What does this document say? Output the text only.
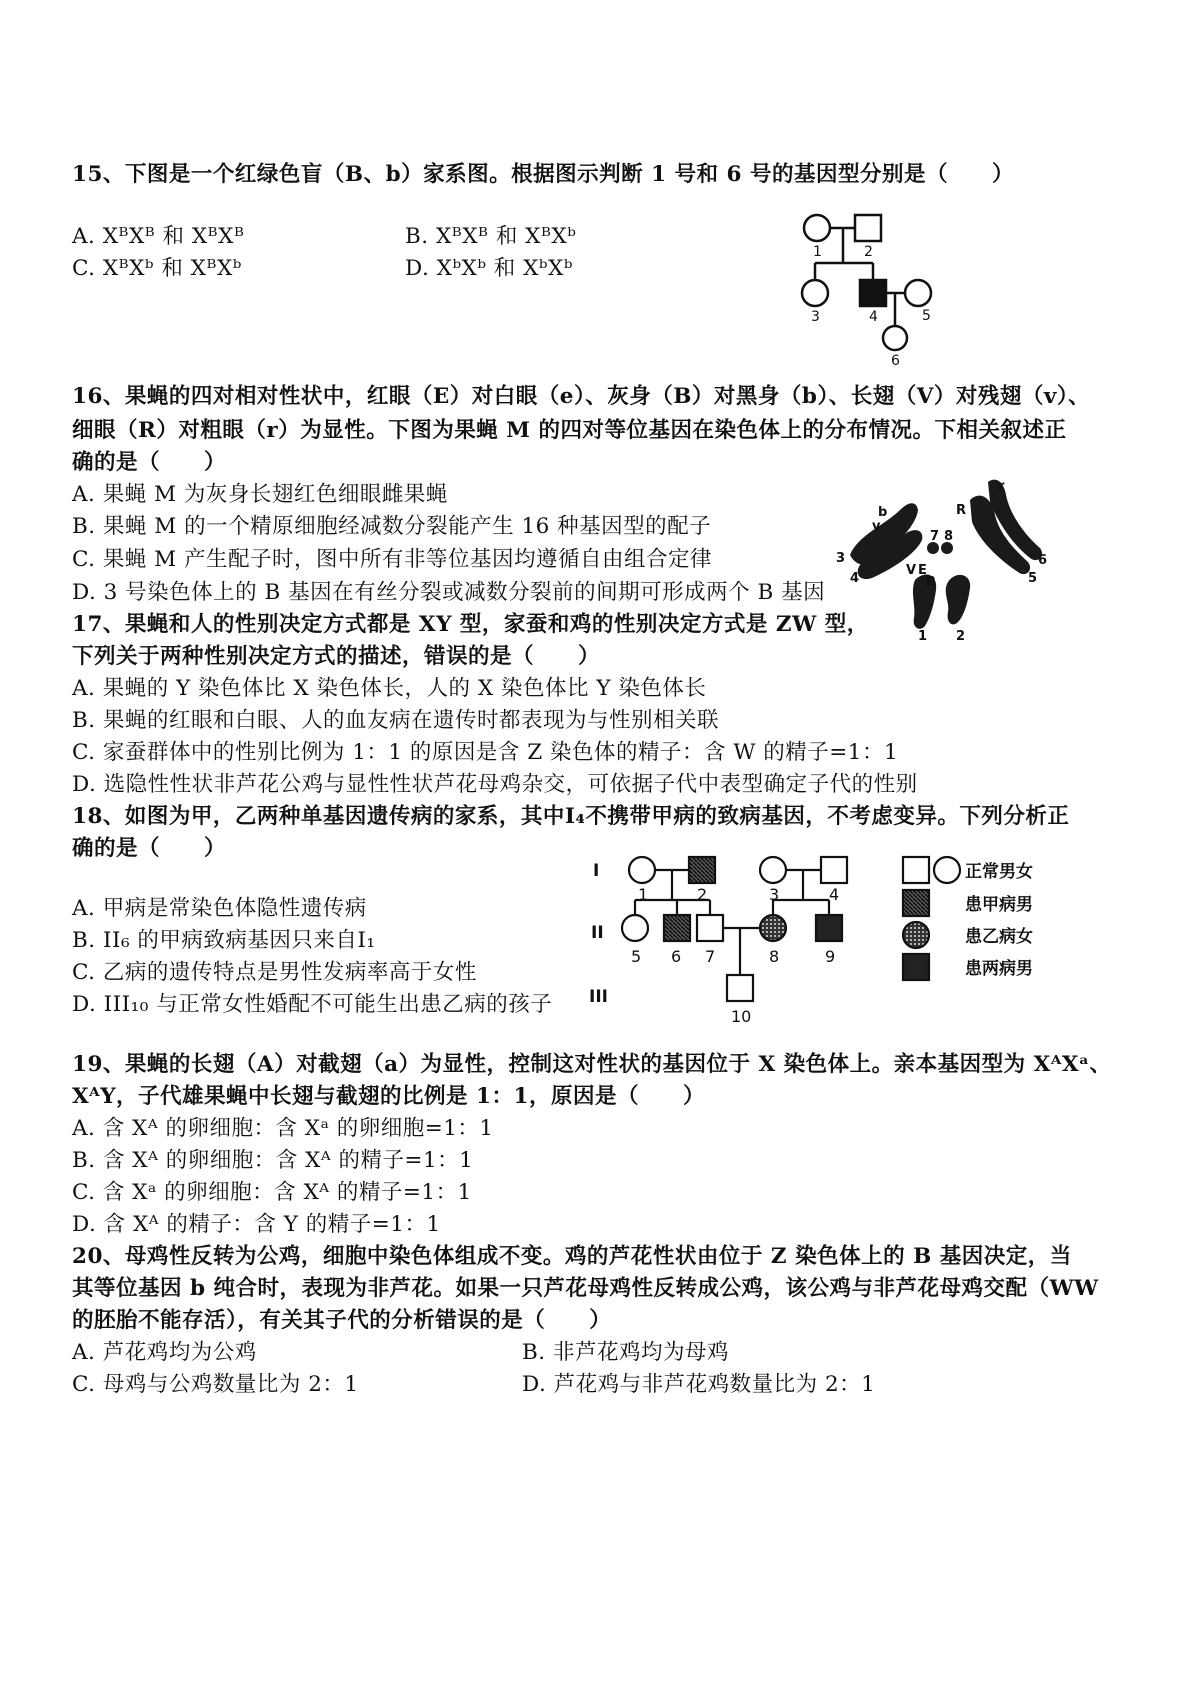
15、下图是一个红绿色盲（B、b）家系图。根据图示判断 1 号和 6 号的基因型分别是（　　）
A. XᴮXᴮ 和 XᴮXᴮ	B. XᴮXᴮ 和 XᴮXᵇ
C. XᴮXᵇ 和 XᴮXᵇ	D. XᵇXᵇ 和 XᵇXᵇ
1	2
3	4	5
6
16、果蝇的四对相对性状中，红眼（E）对白眼（e）、灰身（B）对黑身（b）、长翅（V）对残翅（v）、
细眼（R）对粗眼（r）为显性。下图为果蝇 M 的四对等位基因在染色体上的分布情况。下相关叙述正
确的是（　　）
A. 果蝇 M 为灰身长翅红色细眼雌果蝇
B. 果蝇 M 的一个精原细胞经减数分裂能产生 16 种基因型的配子
C. 果蝇 M 产生配子时，图中所有非等位基因均遵循自由组合定律
D. 3 号染色体上的 B 基因在有丝分裂或减数分裂前的间期可形成两个 B 基因
b
v
V E
B
R
r
3
4
7 8
6
5
1 2
17、果蝇和人的性别决定方式都是 XY 型，家蚕和鸡的性别决定方式是 ZW 型，
下列关于两种性别决定方式的描述，错误的是（　　）
A. 果蝇的 Y 染色体比 X 染色体长，人的 X 染色体比 Y 染色体长
B. 果蝇的红眼和白眼、人的血友病在遗传时都表现为与性别相关联
C. 家蚕群体中的性别比例为 1：1 的原因是含 Z 染色体的精子：含 W 的精子=1：1
D. 选隐性性状非芦花公鸡与显性性状芦花母鸡杂交，可依据子代中表型确定子代的性别
18、如图为甲，乙两种单基因遗传病的家系，其中I₄不携带甲病的致病基因，不考虑变异。下列分析正
确的是（　　）
A. 甲病是常染色体隐性遗传病
B. II₆ 的甲病致病基因只来自I₁
C. 乙病的遗传特点是男性发病率高于女性
D. III₁₀ 与正常女性婚配不可能生出患乙病的孩子
I
II
III
1	2	3	4
5 6 7	8	9
10
正常男女
患甲病男
患乙病女
患两病男
19、果蝇的长翅（A）对截翅（a）为显性，控制这对性状的基因位于 X 染色体上。亲本基因型为 XᴬXᵃ、
XᴬY，子代雄果蝇中长翅与截翅的比例是 1：1，原因是（　　）
A. 含 Xᴬ 的卵细胞：含 Xᵃ 的卵细胞=1：1
B. 含 Xᴬ 的卵细胞：含 Xᴬ 的精子=1：1
C. 含 Xᵃ 的卵细胞：含 Xᴬ 的精子=1：1
D. 含 Xᴬ 的精子：含 Y 的精子=1：1
20、母鸡性反转为公鸡，细胞中染色体组成不变。鸡的芦花性状由位于 Z 染色体上的 B 基因决定，当
其等位基因 b 纯合时，表现为非芦花。如果一只芦花母鸡性反转成公鸡，该公鸡与非芦花母鸡交配（WW
的胚胎不能存活），有关其子代的分析错误的是（　　）
A. 芦花鸡均为公鸡	B. 非芦花鸡均为母鸡
C. 母鸡与公鸡数量比为 2：1	D. 芦花鸡与非芦花鸡数量比为 2：1
